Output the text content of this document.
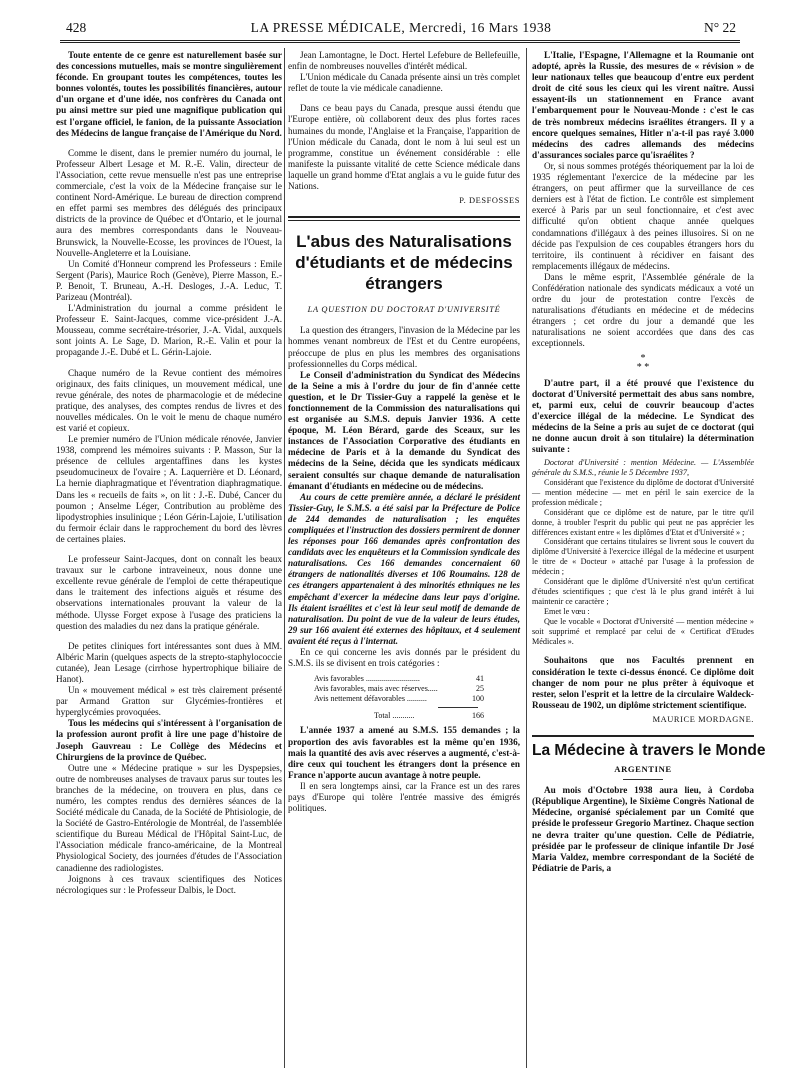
428	LA PRESSE MÉDICALE, Mercredi, 16 Mars 1938	N° 22

Toute entente de ce genre est naturellement basée sur des concessions mutuelles, mais se montre singulièrement féconde. En groupant toutes les compétences, toutes les bonnes volontés, toutes les possibilités financières, autour d'un organe et d'une idée, nos confrères du Canada ont pu ainsi mettre sur pied une magnifique publication qui est l'organe officiel, le fanion, de la puissante Association des Médecins de langue française de l'Amérique du Nord.

Comme le disent, dans le premier numéro du journal, le Professeur Albert Lesage et M. R.-E. Valin, directeur de l'Association, cette revue mensuelle n'est pas une entreprise commerciale, c'est la voix de la Médecine française sur le continent Nord-Amérique. Le bureau de direction comprend en effet parmi ses membres des délégués des principaux districts de la province de Québec et d'Ontario, et le journal aura des membres correspondants dans le Nouveau-Brunswick, la Nouvelle-Ecosse, les provinces de l'Ouest, la Nouvelle-Angleterre et la Louisiane.

Un Comité d'Honneur comprend les Professeurs : Emile Sergent (Paris), Maurice Roch (Genève), Pierre Masson, E.-P. Benoit, T. Bruneau, A.-H. Desloges, J.-A. Leduc, T. Parizeau (Montréal).

L'Administration du journal a comme président le Professeur E. Saint-Jacques, comme vice-président J.-A. Mousseau, comme secrétaire-trésorier, J.-A. Vidal, auxquels sont joints A. Le Sage, D. Marion, R.-E. Valin et pour la propagande J.-E. Dubé et L. Gérin-Lajoie.

Chaque numéro de la Revue contient des mémoires originaux, des faits cliniques, un mouvement médical, une revue générale, des notes de pharmacologie et de médecine pratique, des analyses, des comptes rendus de livres et des nouvelles médicales. On le voit le menu de chaque numéro est varié et copieux.

Le premier numéro de l'Union médicale rénovée, Janvier 1938, comprend les mémoires suivants : P. Masson, Sur la présence de cellules argentaffines dans les kystes pseudomucineux de l'ovaire ; A. Laquerrière et D. Léonard, La hernie diaphragmatique et l'éventration diaphragmatique. Dans les « recueils de faits », on lit : J.-E. Dubé, Cancer du poumon ; Anselme Léger, Contribution au problème des lipodystrophies insulinique ; Léon Gérin-Lajoie, L'utilisation du fermoir éclair dans le rapprochement du bord des lèvres de certaines plaies.

Le professeur Saint-Jacques, dont on connaît les beaux travaux sur le carbone intraveineux, nous donne une excellente revue générale de l'emploi de cette thérapeutique dans le traitement des infections aiguës et résume des observations internationales prouvant la valeur de la méthode. Ulysse Forget expose à l'usage des praticiens la question des maladies du nez dans la pratique générale.

De petites cliniques fort intéressantes sont dues à MM. Albéric Marin (quelques aspects de la strepto-staphylococcie cutanée), Jean Lesage (cirrhose hypertrophique biliaire de Hanot).

Un « mouvement médical » est très clairement présenté par Armand Gratton sur Glycémies-frontières et hyperglycémies provoquées.

Tous les médecins qui s'intéressent à l'organisation de la profession auront profit à lire une page d'histoire de Joseph Gauvreau : Le Collège des Médecins et Chirurgiens de la province de Québec.

Outre une « Médecine pratique » sur les Dyspepsies, outre de nombreuses analyses de travaux parus sur toutes les branches de la médecine, on trouvera en plus, dans ce numéro, les comptes rendus des dernières séances de la Société médicale du Canada, de la Société de Phtisiologie, de la Société de Gastro-Entérologie de Montréal, de l'assemblée scientifique du Bureau Médical de l'Hôpital Saint-Luc, de l'Association médicale franco-américaine, de la Montreal Physiological Society, des journées d'études de l'Association canadienne des radiologistes.

Joignons à ces travaux scientifiques des Notices nécrologiques sur : le Professeur Dalbis, le Doct.

Jean Lamontagne, le Doct. Hertel Lefebure de Bellefeuille, enfin de nombreuses nouvelles d'intérêt médical.

L'Union médicale du Canada présente ainsi un très complet reflet de toute la vie médicale canadienne.

Dans ce beau pays du Canada, presque aussi étendu que l'Europe entière, où collaborent deux des plus fortes races humaines du monde, l'Anglaise et la Française, l'apparition de l'Union médicale du Canada, dont le nom à lui seul est un programme, constitue un événement considérable : elle manifeste la puissante vitalité de cette Science médicale dans laquelle un grand homme d'Etat anglais a vu le guide futur des Nations.

P. DESFOSSES
L'abus des Naturalisations d'étudiants et de médecins étrangers
LA QUESTION DU DOCTORAT D'UNIVERSITÉ

La question des étrangers, l'invasion de la Médecine par les hommes venant nombreux de l'Est et du Centre européens, préoccupe de plus en plus les membres des organisations professionnelles du Corps médical.

Le Conseil d'administration du Syndicat des Médecins de la Seine a mis à l'ordre du jour de fin d'année cette question, et le Dr Tissier-Guy a rappelé la genèse et le fonctionnement de la Commission des naturalisations qui est organisée au S.M.S. depuis Janvier 1936. A cette époque, M. Léon Bérard, garde des Sceaux, sur les instances de l'Association Corporative des étudiants en médecine de Paris et à la demande du Syndicat des médecins de la Seine, décida que les syndicats médicaux seraient consultés sur chaque demande de naturalisation émanant d'étudiants en médecine ou de médecins.

Au cours de cette première année, a déclaré le président Tissier-Guy, le S.M.S. a été saisi par la Préfecture de Police de 244 demandes de naturalisation ; les enquêtes compliquées et l'instruction des dossiers permirent de donner les réponses pour 166 demandes après confrontation des candidats avec les enquêteurs et la Commission syndicale des naturalisations. Ces 166 demandes concernaient 60 étrangers de nationalités diverses et 106 Roumains. 128 de ces étrangers appartenaient à des minorités ethniques ne les empêchant d'exercer la médecine dans leur pays d'origine. Ils étaient israélites et c'est là leur seul motif de demande de naturalisation. Du point de vue de la valeur de leurs études, 29 sur 166 avaient été externes des hôpitaux, et 4 seulement avaient été reçus à l'internat.

En ce qui concerne les avis donnés par le président du S.M.S. ils se divisent en trois catégories :

Avis favorables ...........................	41
Avis favorables, mais avec réserves.....	25
Avis nettement défavorables ..........	100
Total ...........	166

L'année 1937 a amené au S.M.S. 155 demandes ; la proportion des avis favorables est la même qu'en 1936, mais la quantité des avis avec réserves a augmenté, c'est-à-dire ceux qui touchent les étrangers dont la présence en France n'apporte aucun avantage à notre peuple.

Il en sera longtemps ainsi, car la France est un des rares pays d'Europe qui tolère l'entrée massive des émigrés politiques.

L'Italie, l'Espagne, l'Allemagne et la Roumanie ont adopté, après la Russie, des mesures de « révision » de leur nationaux telles que beaucoup d'entre eux perdent droit de cité sous les cieux qui les virent naître. Aussi essayent-ils un stationnement en France avant l'embarquement pour le Nouveau-Monde : c'est le cas de très nombreux médecins israélites étrangers. Il y a encore quelques semaines, Hitler n'a-t-il pas rayé 3.000 médecins des cadres allemands des médecins d'assurances sociales parce qu'israélites ?

Or, si nous sommes protégés théoriquement par la loi de 1935 réglementant l'exercice de la médecine par les étrangers, on peut affirmer que la surveillance de ces derniers est à l'état de fiction. Le contrôle est simplement exercé à Paris par un seul fonctionnaire, et c'est avec difficulté qu'on obtient chaque année quelques condamnations d'illégaux à des peines illusoires. Si on ne décide pas l'expulsion de ces coupables étrangers hors du territoire, ils continuent à récidiver en faisant des remplacements illégaux de médecins.

Dans le même esprit, l'Assemblée générale de la Confédération nationale des syndicats médicaux a voté un ordre du jour de protestation contre l'excès de naturalisations d'étudiants en médecine et de médecins étrangers ; cet ordre du jour a demandé que les naturalisations ne soient accordées que dans des cas exceptionnels.

*
* *

D'autre part, il a été prouvé que l'existence du doctorat d'Université permettait des abus sans nombre, et, parmi eux, celui de couvrir beaucoup d'actes d'exercice illégal de la médecine. Le Syndicat des médecins de la Seine a pris au sujet de ce doctorat (qui ne donne aucun droit à son titulaire) la détermination suivante :

Doctorat d'Université : mention Médecine. — L'Assemblée générale du S.M.S., réunie le 5 Décembre 1937,

Considérant que l'existence du diplôme de doctorat d'Université — mention médecine — met en péril le sain exercice de la profession médicale ;

Considérant que ce diplôme est de nature, par le titre qu'il donne, à troubler l'esprit du public qui peut ne pas apprécier les différences existant entre « les diplômes d'Etat et d'Université » ;

Considérant que certains titulaires se livrent sous le couvert du diplôme d'Université à l'exercice illégal de la médecine et usurpent le titre de « Docteur » attaché par l'usage à la profession de médecin ;

Considérant que le diplôme d'Université n'est qu'un certificat d'études scientifiques ; que c'est là le plus grand intérêt à lui maintenir ce caractère ;

Emet le vœu :

Que le vocable « Doctorat d'Université — mention médecine » soit supprimé et remplacé par celui de « Certificat d'Etudes Médicales ».

Souhaitons que nos Facultés prennent en considération le texte ci-dessus énoncé. Ce diplôme doit changer de nom pour ne plus prêter à équivoque et rester, selon l'esprit et la lettre de la circulaire Waldeck-Rousseau de 1902, un diplôme strictement scientifique.

MAURICE MORDAGNE.
La Médecine à travers le Monde
ARGENTINE

Au mois d'Octobre 1938 aura lieu, à Cordoba (République Argentine), le Sixième Congrès National de Médecine, organisé spécialement par un Comité que préside le professeur Gregorio Martinez. Chaque section ne devra traiter qu'une question. Celle de Pédiatrie, présidée par le professeur de clinique infantile Dr José Maria Valdez, membre correspondant de la Société de Pédiatrie de Paris, a
